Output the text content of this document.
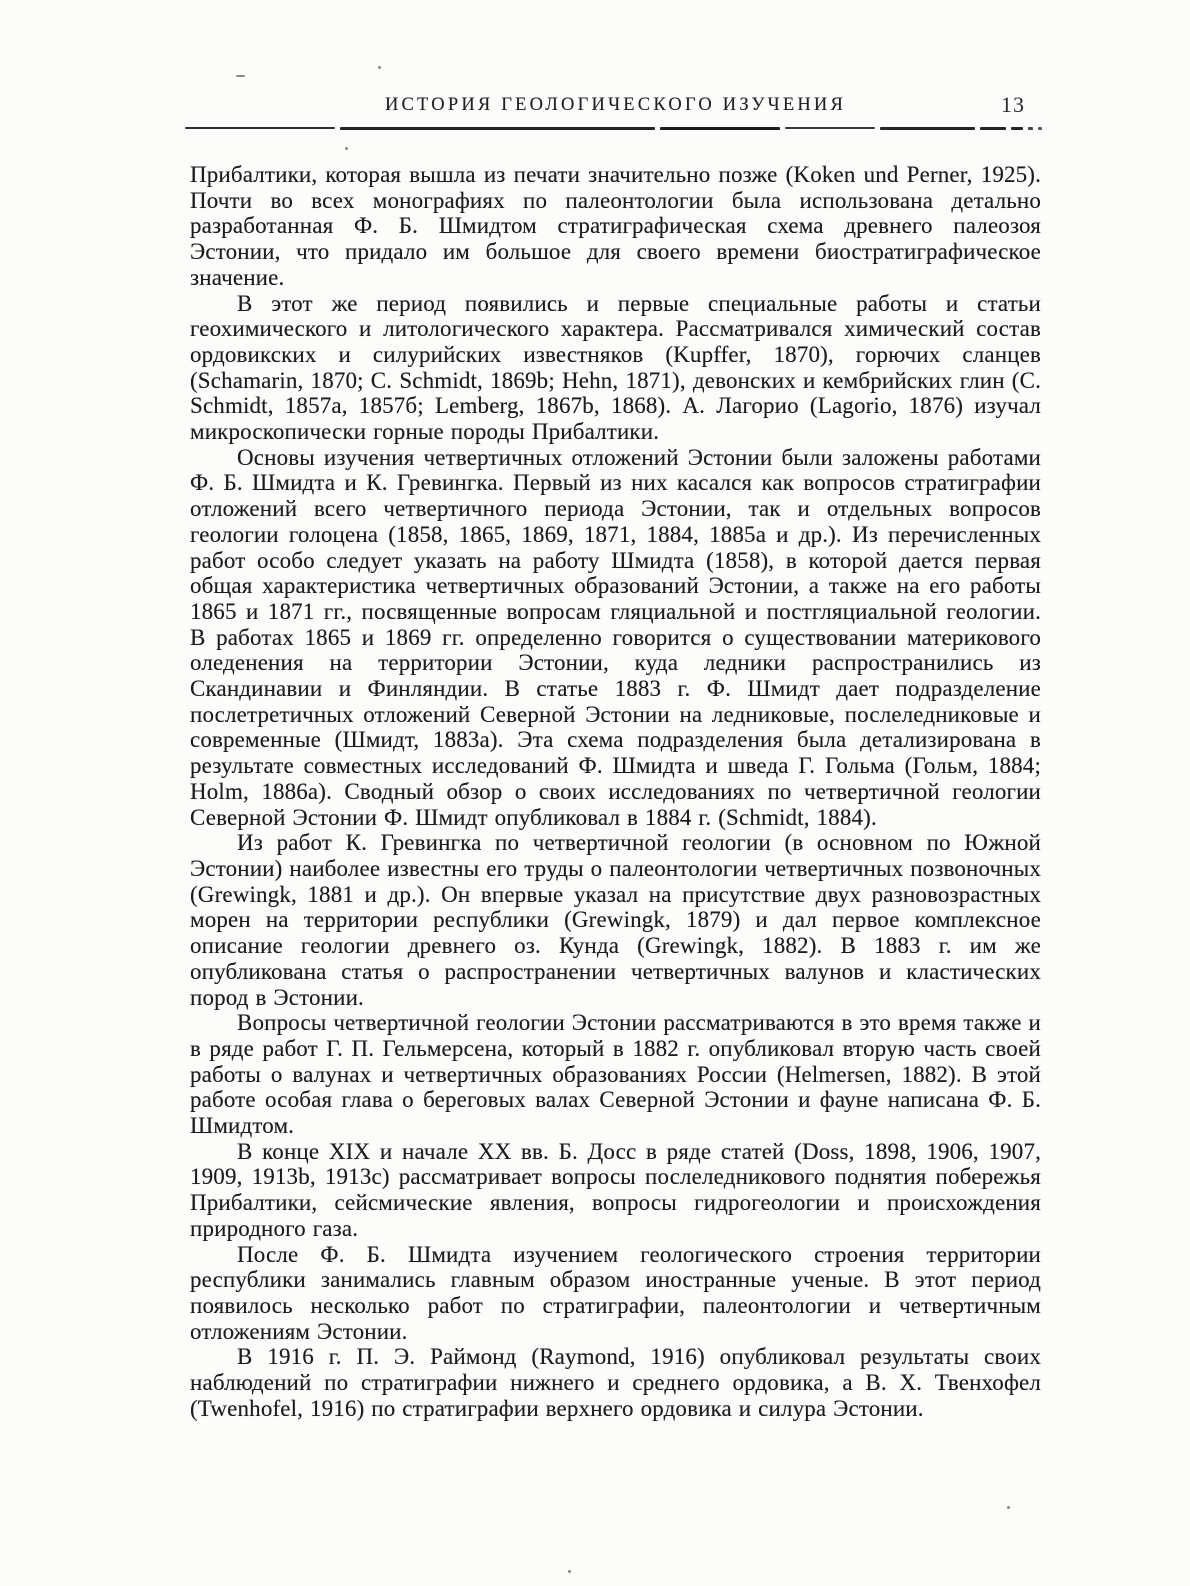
ИСТОРИЯ ГЕОЛОГИЧЕСКОГО ИЗУЧЕНИЯ	13

Прибалтики, которая вышла из печати значительно позже (Koken und Perner, 1925). Почти во всех монографиях по палеонтологии была использована детально разработанная Ф. Б. Шмидтом стратиграфическая схема древнего палеозоя Эстонии, что придало им большое для своего времени биостратиграфическое значение.

В этот же период появились и первые специальные работы и статьи геохимического и литологического характера. Рассматривался химический состав ордовикских и силурийских известняков (Kupffer, 1870), горючих сланцев (Schamarin, 1870; C. Schmidt, 1869b; Hehn, 1871), девонских и кембрийских глин (C. Schmidt, 1857a, 1857б; Lemberg, 1867b, 1868). А. Лагорио (Lagorio, 1876) изучал микроскопически горные породы Прибалтики.

Основы изучения четвертичных отложений Эстонии были заложены работами Ф. Б. Шмидта и К. Гревингка. Первый из них касался как вопросов стратиграфии отложений всего четвертичного периода Эстонии, так и отдельных вопросов геологии голоцена (1858, 1865, 1869, 1871, 1884, 1885а и др.). Из перечисленных работ особо следует указать на работу Шмидта (1858), в которой дается первая общая характеристика четвертичных образований Эстонии, а также на его работы 1865 и 1871 гг., посвященные вопросам гляциальной и постгляциальной геологии. В работах 1865 и 1869 гг. определенно говорится о существовании материкового оледенения на территории Эстонии, куда ледники распространились из Скандинавии и Финляндии. В статье 1883 г. Ф. Шмидт дает подразделение послетретичных отложений Северной Эстонии на ледниковые, послеледниковые и современные (Шмидт, 1883а). Эта схема подразделения была детализирована в результате совместных исследований Ф. Шмидта и шведа Г. Гольма (Гольм, 1884; Holm, 1886a). Сводный обзор о своих исследованиях по четвертичной геологии Северной Эстонии Ф. Шмидт опубликовал в 1884 г. (Schmidt, 1884).

Из работ К. Гревингка по четвертичной геологии (в основном по Южной Эстонии) наиболее известны его труды о палеонтологии четвертичных позвоночных (Grewingk, 1881 и др.). Он впервые указал на присутствие двух разновозрастных морен на территории республики (Grewingk, 1879) и дал первое комплексное описание геологии древнего оз. Кунда (Grewingk, 1882). В 1883 г. им же опубликована статья о распространении четвертичных валунов и кластических пород в Эстонии.

Вопросы четвертичной геологии Эстонии рассматриваются в это время также и в ряде работ Г. П. Гельмерсена, который в 1882 г. опубликовал вторую часть своей работы о валунах и четвертичных образованиях России (Helmersen, 1882). В этой работе особая глава о береговых валах Северной Эстонии и фауне написана Ф. Б. Шмидтом.

В конце XIX и начале XX вв. Б. Досс в ряде статей (Doss, 1898, 1906, 1907, 1909, 1913b, 1913c) рассматривает вопросы послеледникового поднятия побережья Прибалтики, сейсмические явления, вопросы гидрогеологии и происхождения природного газа.

После Ф. Б. Шмидта изучением геологического строения территории республики занимались главным образом иностранные ученые. В этот период появилось несколько работ по стратиграфии, палеонтологии и четвертичным отложениям Эстонии.

В 1916 г. П. Э. Раймонд (Raymond, 1916) опубликовал результаты своих наблюдений по стратиграфии нижнего и среднего ордовика, а В. Х. Твенхофел (Twenhofel, 1916) по стратиграфии верхнего ордовика и силура Эстонии.
